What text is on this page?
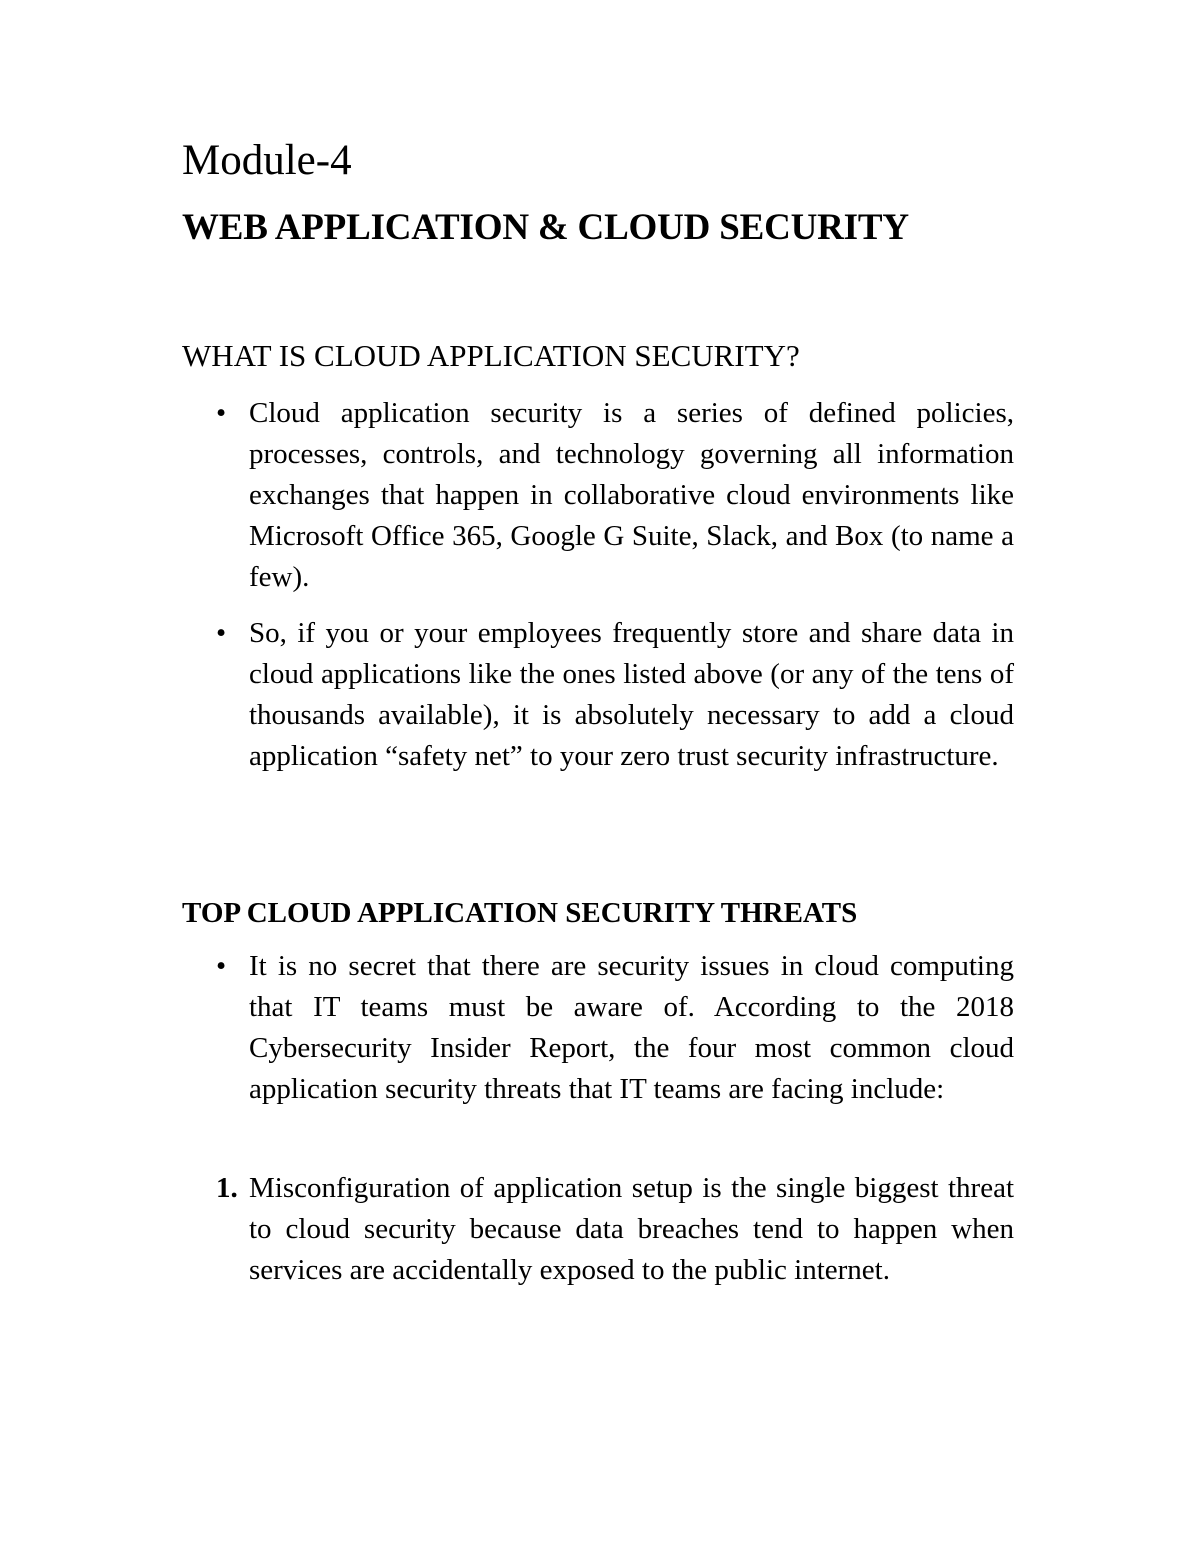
Module-4
WEB APPLICATION & CLOUD SECURITY
WHAT IS CLOUD APPLICATION SECURITY?
• Cloud application security is a series of defined policies, processes, controls, and technology governing all information exchanges that happen in collaborative cloud environments like Microsoft Office 365, Google G Suite, Slack, and Box (to name a few).
• So, if you or your employees frequently store and share data in cloud applications like the ones listed above (or any of the tens of thousands available), it is absolutely necessary to add a cloud application “safety net” to your zero trust security infrastructure.
TOP CLOUD APPLICATION SECURITY THREATS
• It is no secret that there are security issues in cloud computing that IT teams must be aware of. According to the 2018 Cybersecurity Insider Report, the four most common cloud application security threats that IT teams are facing include:
1. Misconfiguration of application setup is the single biggest threat to cloud security because data breaches tend to happen when services are accidentally exposed to the public internet.
